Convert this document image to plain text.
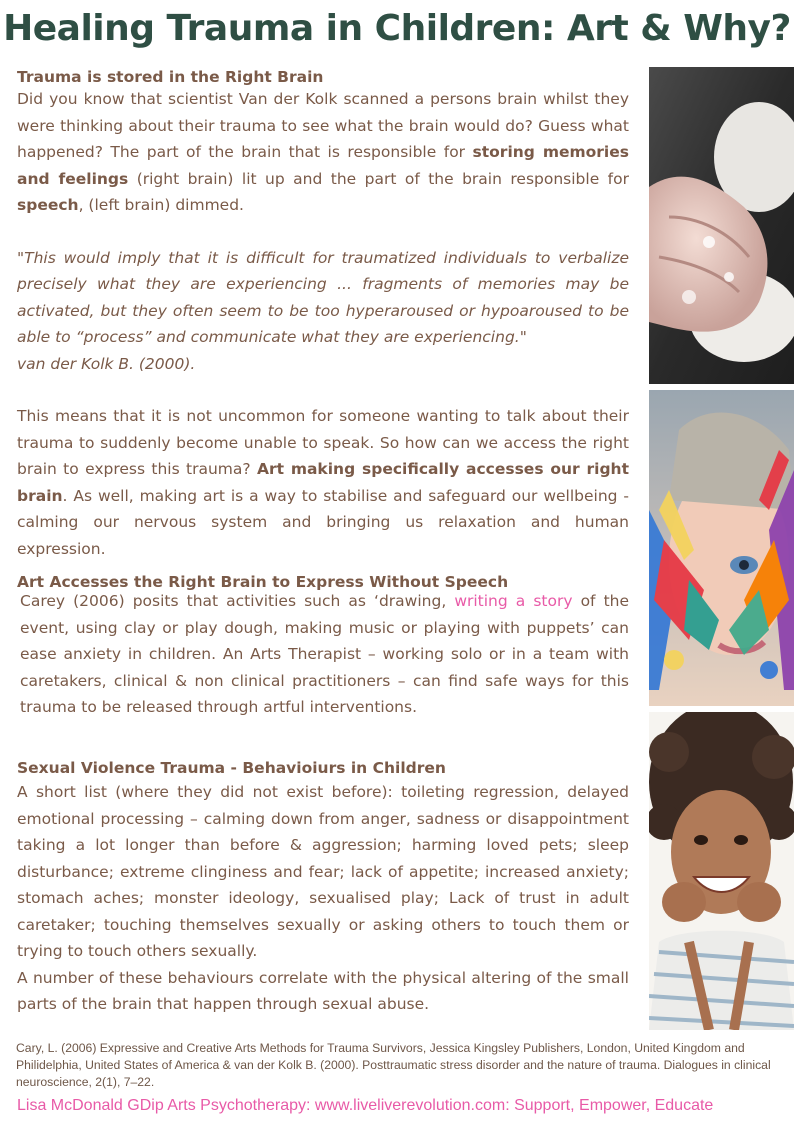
Healing Trauma in Children: Art & Why?
Trauma is stored in the Right Brain

Did you know that scientist Van der Kolk scanned a persons brain whilst they were thinking about their trauma to see what the brain would do? Guess what happened? The part of the brain that is responsible for storing memories and feelings (right brain) lit up and the part of the brain responsible for speech, (left brain) dimmed.

"This would imply that it is difficult for traumatized individuals to verbalize precisely what they are experiencing ... fragments of memories may be activated, but they often seem to be too hyperaroused or hypoaroused to be able to “process” and communicate what they are experiencing."
van der Kolk B. (2000).

This means that it is not uncommon for someone wanting to talk about their trauma to suddenly become unable to speak. So how can we access the right brain to express this trauma? Art making specifically accesses our right brain. As well, making art is a way to stabilise and safeguard our wellbeing - calming our nervous system and bringing us relaxation and human expression.

Art Accesses the Right Brain to Express Without Speech

Carey (2006) posits that activities such as ‘drawing, writing a story of the event, using clay or play dough, making music or playing with puppets’ can ease anxiety in children. An Arts Therapist – working solo or in a team with caretakers, clinical & non clinical practitioners – can find safe ways for this trauma to be released through artful interventions.

Sexual Violence Trauma - Behavioiurs in Children

A short list (where they did not exist before): toileting regression, delayed emotional processing – calming down from anger, sadness or disappointment taking a lot longer than before & aggression; harming loved pets; sleep disturbance; extreme clinginess and fear; lack of appetite; increased anxiety; stomach aches; monster ideology, sexualised play; Lack of trust in adult caretaker; touching themselves sexually or asking others to touch them or trying to touch others sexually.

A number of these behaviours correlate with the physical altering of the small parts of the brain that happen through sexual abuse.

Cary, L. (2006) Expressive and Creative Arts Methods for Trauma Survivors, Jessica Kingsley Publishers, London, United Kingdom and Philidelphia, United States of America & van der Kolk B. (2000). Posttraumatic stress disorder and the nature of trauma. Dialogues in clinical neuroscience, 2(1), 7–22.
Lisa McDonald GDip Arts Psychotherapy: www.liveliverevolution.com: Support, Empower, Educate
